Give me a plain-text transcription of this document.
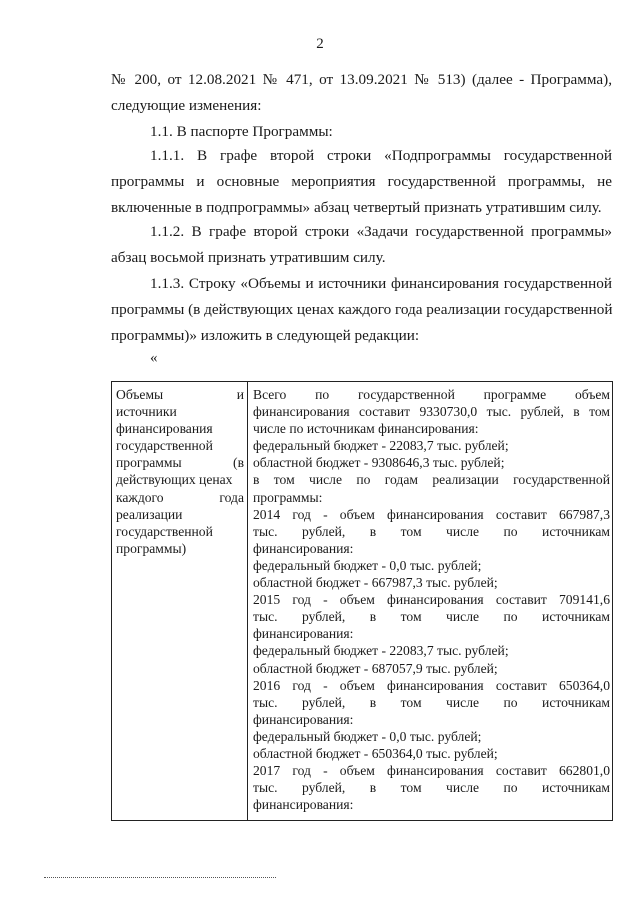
2
№ 200, от 12.08.2021 № 471, от 13.09.2021 № 513) (далее - Программа),
следующие изменения:
1.1. В паспорте Программы:
1.1.1. В графе второй строки «Подпрограммы государственной
программы и основные мероприятия государственной программы, не
включенные в подпрограммы» абзац четвертый признать утратившим силу.
1.1.2. В графе второй строки «Задачи государственной программы»
абзац восьмой признать утратившим силу.
1.1.3. Строку «Объемы и источники финансирования государственной
программы (в действующих ценах каждого года реализации государственной
программы)» изложить в следующей редакции:
«
Объемы и
источники
финансирования
государственной
программы (в
действующих ценах
каждого года
реализации
государственной
программы)
Всего по государственной программе объем
финансирования составит 9330730,0 тыс. рублей, в том
числе по источникам финансирования:
федеральный бюджет - 22083,7 тыс. рублей;
областной бюджет - 9308646,3 тыс. рублей;
в том числе по годам реализации государственной
программы:
2014 год - объем финансирования составит 667987,3
тыс. рублей, в том числе по источникам
финансирования:
федеральный бюджет - 0,0 тыс. рублей;
областной бюджет - 667987,3 тыс. рублей;
2015 год - объем финансирования составит 709141,6
тыс. рублей, в том числе по источникам
финансирования:
федеральный бюджет - 22083,7 тыс. рублей;
областной бюджет - 687057,9 тыс. рублей;
2016 год - объем финансирования составит 650364,0
тыс. рублей, в том числе по источникам
финансирования:
федеральный бюджет - 0,0 тыс. рублей;
областной бюджет - 650364,0 тыс. рублей;
2017 год - объем финансирования составит 662801,0
тыс. рублей, в том числе по источникам
финансирования:
